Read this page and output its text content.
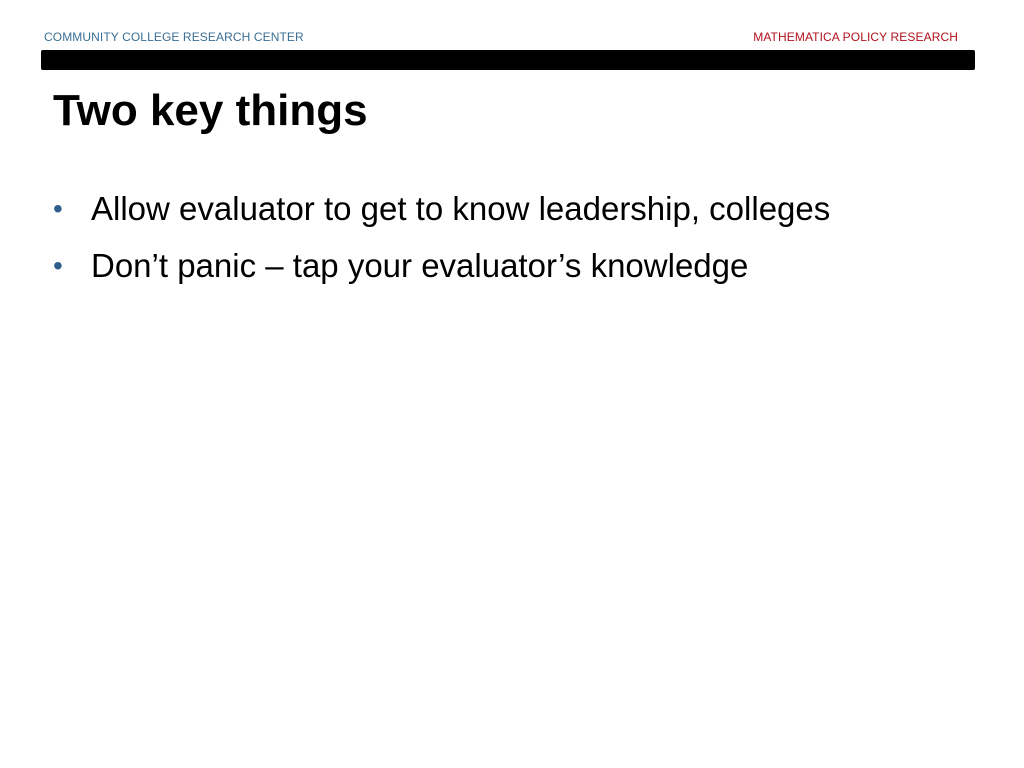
COMMUNITY COLLEGE RESEARCH CENTER	MATHEMATICA POLICY RESEARCH
Two key things
• Allow evaluator to get to know leadership, colleges
• Don’t panic – tap your evaluator’s knowledge
